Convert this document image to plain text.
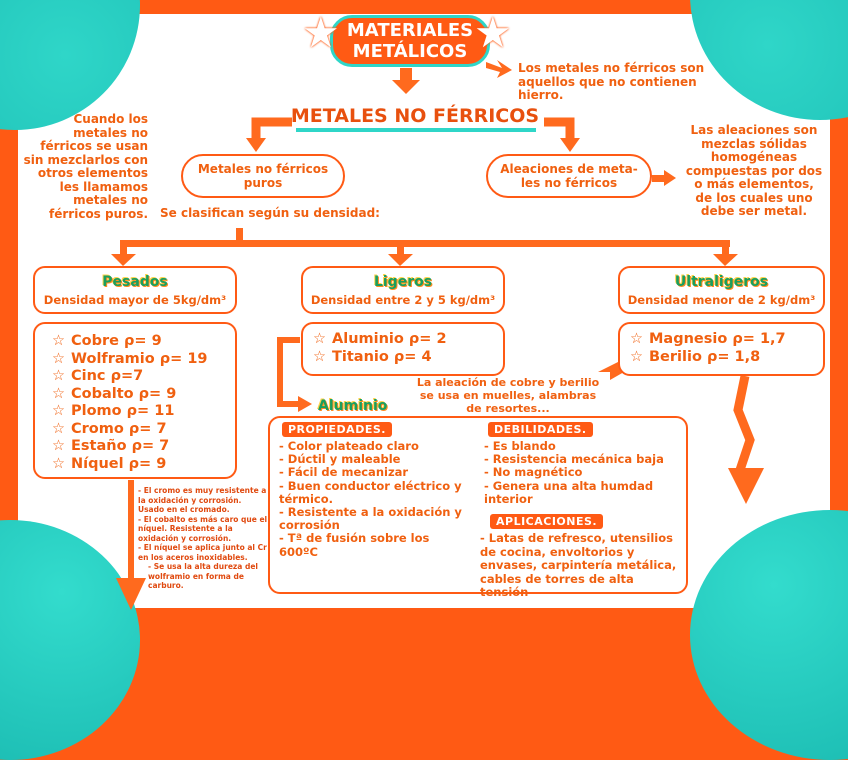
★	★
MATERIALES
METÁLICOS
Los metales no férricos son aquellos que no contienen hierro.
METALES NO FÉRRICOS
Cuando los metales no férricos se usan sin mezclarlos con otros elementos les llamamos metales no férricos puros.
Las aleaciones son mezclas sólidas homogéneas compuestas por dos o más elementos, de los cuales uno debe ser metal.
Metales no férricos
puros
Aleaciones de meta-
les no férricos
Se clasifican según su densidad:
Pesados
Densidad mayor de 5kg/dm³
Ligeros
Densidad entre 2 y 5 kg/dm³
Ultraligeros
Densidad menor de 2 kg/dm³
☆ Cobre ρ= 9
☆ Wolframio ρ= 19
☆ Cinc ρ=7
☆ Cobalto ρ= 9
☆ Plomo ρ= 11
☆ Cromo ρ= 7
☆ Estaño ρ= 7
☆ Níquel ρ= 9
☆ Aluminio ρ= 2
☆ Titanio ρ= 4
☆ Magnesio ρ= 1,7
☆ Berilio ρ= 1,8
La aleación de cobre y berilio se usa en muelles, alambras de resortes...
- El cromo es muy resistente a la oxidación y corrosión. Usado en el cromado.
- El cobalto es más caro que el níquel. Resistente a la oxidación y corrosión.
- El níquel se aplica junto al Cr en los aceros inoxidables.
- Se usa la alta dureza del wolframio en forma de carburo.
Aluminio
PROPIEDADES.
- Color plateado claro
- Dúctil y maleable
- Fácil de mecanizar
- Buen conductor eléctrico y térmico.
- Resistente a la oxidación y corrosión
- Tª de fusión sobre los 600ºC
DEBILIDADES.
- Es blando
- Resistencia mecánica baja
- No magnético
- Genera una alta humdad interior
APLICACIONES.
- Latas de refresco, utensilios de cocina, envoltorios y envases, carpintería metálica, cables de torres de alta tensión
